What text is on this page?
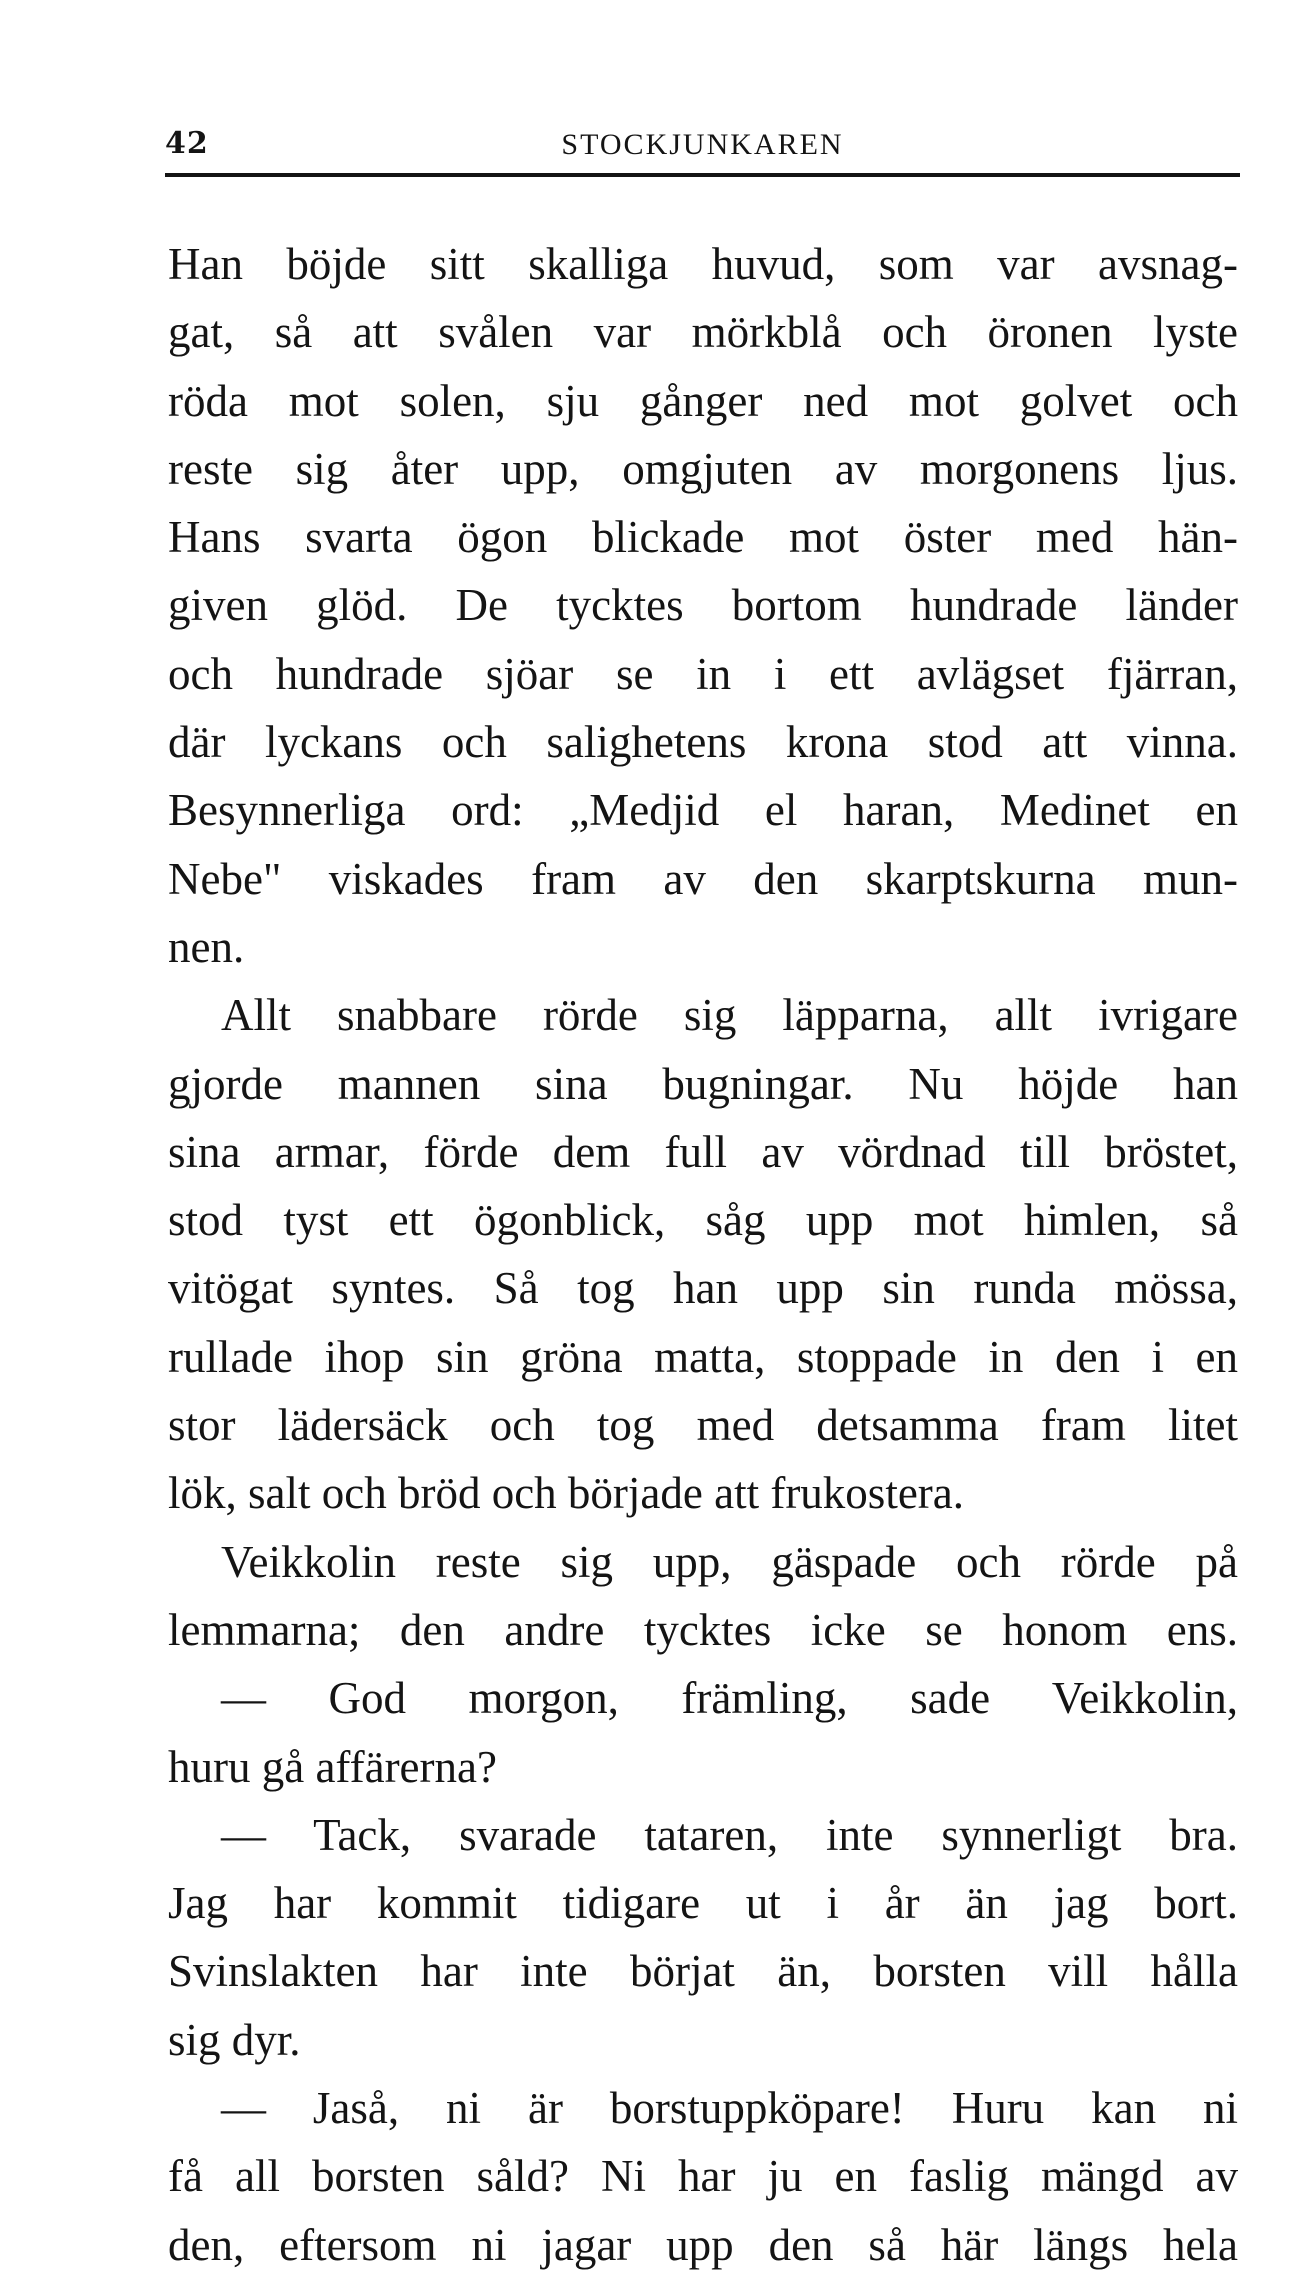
42	STOCKJUNKAREN
Han böjde sitt skalliga huvud, som var avsnag-
gat, så att svålen var mörkblå och öronen lyste
röda mot solen, sju gånger ned mot golvet och
reste sig åter upp, omgjuten av morgonens ljus.
Hans svarta ögon blickade mot öster med hän-
given glöd. De tycktes bortom hundrade länder
och hundrade sjöar se in i ett avlägset fjärran,
där lyckans och salighetens krona stod att vinna.
Besynnerliga ord: „Medjid el haran, Medinet en
Nebe" viskades fram av den skarptskurna mun-
nen.
Allt snabbare rörde sig läpparna, allt ivrigare
gjorde mannen sina bugningar. Nu höjde han
sina armar, förde dem full av vördnad till bröstet,
stod tyst ett ögonblick, såg upp mot himlen, så
vitögat syntes. Så tog han upp sin runda mössa,
rullade ihop sin gröna matta, stoppade in den i en
stor lädersäck och tog med detsamma fram litet
lök, salt och bröd och började att frukostera.
Veikkolin reste sig upp, gäspade och rörde på
lemmarna; den andre tycktes icke se honom ens.
— God morgon, främling, sade Veikkolin,
huru gå affärerna?
— Tack, svarade tataren, inte synnerligt bra.
Jag har kommit tidigare ut i år än jag bort.
Svinslakten har inte börjat än, borsten vill hålla
sig dyr.
— Jaså, ni är borstuppköpare! Huru kan ni
få all borsten såld? Ni har ju en faslig mängd av
den, eftersom ni jagar upp den så här längs hela
